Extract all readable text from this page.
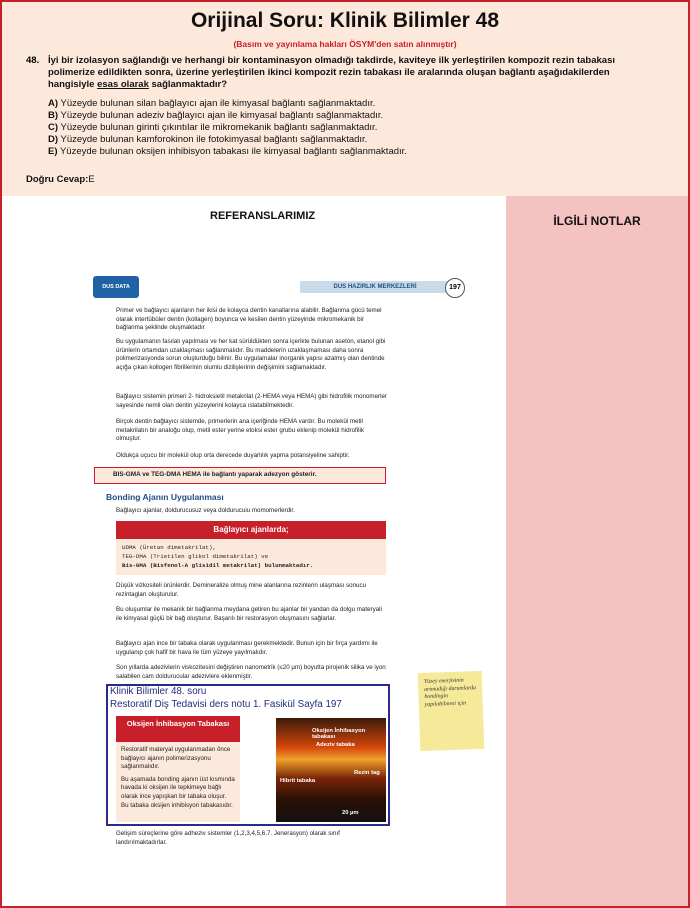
Orijinal Soru: Klinik Bilimler 48
(Basım ve yayınlama hakları ÖSYM'den satın alınmıştır)
48. İyi bir izolasyon sağlandığı ve herhangi bir kontaminasyon olmadığı takdirde, kaviteye ilk yerleştirilen kompozit rezin tabakası polimerize edildikten sonra, üzerine yerleştirilen ikinci kompozit rezin tabakası ile aralarında oluşan bağlantı aşağıdakilerden hangisiyle esas olarak sağlanmaktadır?
A) Yüzeyde bulunan silan bağlayıcı ajan ile kimyasal bağlantı sağlanmaktadır.
B) Yüzeyde bulunan adeziv bağlayıcı ajan ile kimyasal bağlantı sağlanmaktadır.
C) Yüzeyde bulunan girinti çıkıntılar ile mikromekanik bağlantı sağlanmaktadır.
D) Yüzeyde bulunan kamforokinon ile fotokimyasal bağlantı sağlanmaktadır.
E) Yüzeyde bulunan oksijen inhibisyon tabakası ile kimyasal bağlantı sağlanmaktadır.
Doğru Cevap:E
REFERANSLARIMIZ	İLGİLİ NOTLAR
DUS DATA	DUS HAZIRLIK MERKEZLERİ	197
Primer ve bağlayıcı ajanların her ikisi de kolayca dentin kanallarına alabilir. Bağlanma gücü temel olarak intertübüler dentin (kollagen) boyunca ve kesilen dentin yüzeyinde mikromekanik bir bağlanma şeklinde oluşmaktadır
Bu uygulamanın fasılalı yapılması ve her kat sürüldükten sonra içerikte bulunan aseton, etanol gibi ürünlerin ortamdan uzaklaşması sağlanmalıdır. Bu maddelerin uzaklaşmaması daha sonra polimerizasyonda sorun oluşturduğu bilinir. Bu uygulamalar inorganik yapısı azalmış olan dentinde açığa çıkan kollogen fibrillerinin olumlu dizilişlerinin değişimini sağlamaktadır.
Bağlayıcı sistemin primeri 2- hidroksietil metakrilat (2-HEMA veya HEMA) gibi hidrofilik monomerler sayesinde nemli olan dentin yüzeylerini kolayca ıslatabilmektedir.
Birçok dentin bağlayıcı sistemde, primerlerin ana içeriğinde HEMA vardır. Bu molekül metil metakrilatın bir analoğu olup, metil ester yerine etoksi ester grubu eklenip molekül hidrofilik olmuştur.
Oldukça uçucu bir molekül olup orta derecede duyarlılık yapma potansiyeline sahiptir.
BIS-GMA ve TEG-DMA HEMA ile bağlantı yaparak adezyon gösterir.
Bonding Ajanın Uygulanması
Bağlayıcı ajanlar, doldurucusuz veya doldurucuiu momomerlerdir.
Bağlayıcı ajanlarda;
UDMA (Üretan dimetakrilat),
TEG-DMA (Trietilen glikol dimetakrilat) ve
Bis-GMA (Bisfenol-A glisidil metakrilat) bulunmaktadır.
Düşük vizkositeli ürünlerdir. Demineralize olmuş mine alanlarına rezinlerin ulaşması sonucu rezintagları oluşturulur.
Bu oluşumlar ile mekanik bir bağlanma meydana getiren bu ajanlar bir yandan da dolgu materyali ile kimyasal güçlü bir bağ oluşturur. Başarılı bir restorasyon oluşmasını sağlarlar.
Bağlayıcı ajan ince bir tabaka olarak uygulanması gerekmektedir. Bunun için bir fırça yardımı ile uygulanıp çok hafif bir hava ile tüm yüzeye yayılmalıdır.
Son yıllarda adezivlerin viskozitesini değiştiren nanometrik (≤20 µm) boyutta pirojenik silika ve iyon salabilen cam doldurucular adezivlere eklenmiştir.
Yüzey enerjisinin artmadığı durumlarda bondingin yapılabilmesi için
Klinik Bilimler 48. soru
Restoratif Diş Tedavisi ders notu 1. Fasikül Sayfa 197
Oksijen İnhibasyon Tabakası
Restoratif materyal uygulanmadan önce bağlayıcı ajanın polimerizasyonu sağlanmalıdır.
Bu aşamada bonding ajanın üst kısmında havada ki oksijen ile tepkimeye bağlı olarak ince yapışkan bir tabaka oluşur. Bu tabaka oksijen inhibisyon tabakasıdır.
Oksijen İnhibasyon tabakası
Adeziv tabaka
Rezin tag
Hibrit tabaka
20 µm
Gelişim süreçlerine göre adheziv sistemler (1,2,3,4,5,6,7. Jenerasyon) olarak sınıf landırılmaktadırlar.
